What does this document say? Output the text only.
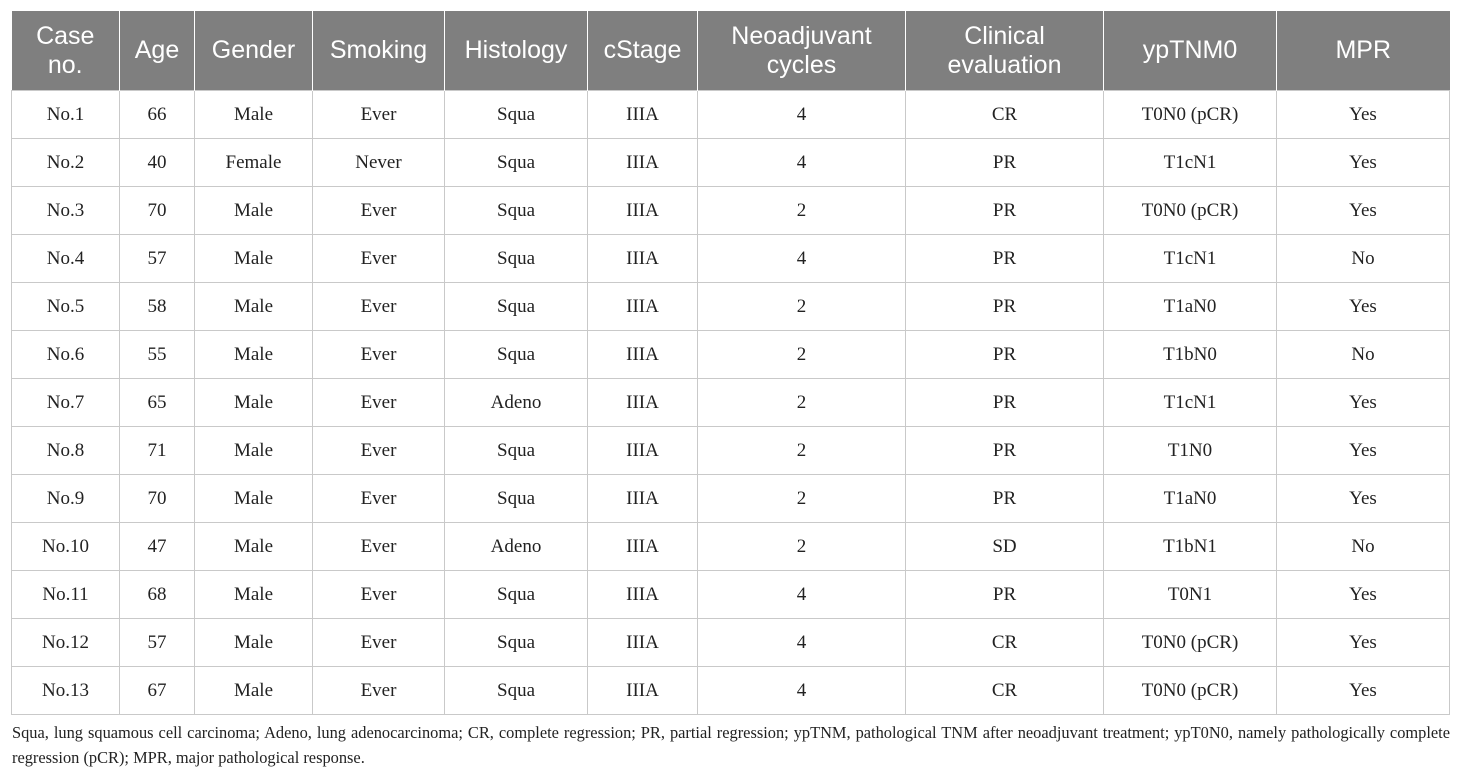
Case no.	Age	Gender	Smoking	Histology	cStage	Neoadjuvant cycles	Clinical evaluation	ypTNM0	MPR
No.1	66	Male	Ever	Squa	IIIA	4	CR	T0N0 (pCR)	Yes
No.2	40	Female	Never	Squa	IIIA	4	PR	T1cN1	Yes
No.3	70	Male	Ever	Squa	IIIA	2	PR	T0N0 (pCR)	Yes
No.4	57	Male	Ever	Squa	IIIA	4	PR	T1cN1	No
No.5	58	Male	Ever	Squa	IIIA	2	PR	T1aN0	Yes
No.6	55	Male	Ever	Squa	IIIA	2	PR	T1bN0	No
No.7	65	Male	Ever	Adeno	IIIA	2	PR	T1cN1	Yes
No.8	71	Male	Ever	Squa	IIIA	2	PR	T1N0	Yes
No.9	70	Male	Ever	Squa	IIIA	2	PR	T1aN0	Yes
No.10	47	Male	Ever	Adeno	IIIA	2	SD	T1bN1	No
No.11	68	Male	Ever	Squa	IIIA	4	PR	T0N1	Yes
No.12	57	Male	Ever	Squa	IIIA	4	CR	T0N0 (pCR)	Yes
No.13	67	Male	Ever	Squa	IIIA	4	CR	T0N0 (pCR)	Yes
Squa, lung squamous cell carcinoma; Adeno, lung adenocarcinoma; CR, complete regression; PR, partial regression; ypTNM, pathological TNM after neoadjuvant treatment; ypT0N0, namely pathologically complete regression (pCR); MPR, major pathological response.
